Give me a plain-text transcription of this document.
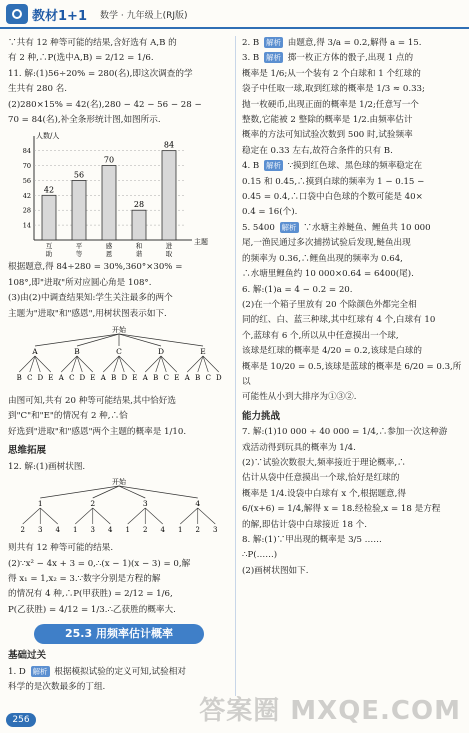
教材1+1 数学 · 九年级上(RJ版)

∵共有 12 种等可能的结果,含好选有 A,B 的

有 2 种,∴P(选中A,B) = 2/12 = 1/6.

11. 解:(1)56÷20% = 280(名),即这次调查的学

生共有 280 名.

(2)280×15% = 42(名),280 − 42 − 56 − 28 −

70 = 84(名),补全条形统计图,如图所示.

人数/人
主题
84
70
56
42
28
14
42
互
助
56
平
等
70
感
恩
28
和
谐
84
进
取

根据题意,得 84÷280 = 30%,360°×30% =

108°,即"进取"所对应圆心角是 108°.

(3)由(2)中调查结果知:学生关注最多的两个

主题为"进取"和"感恩",用树状图表示如下.

开始
A
B C D E
B
A C D E
C
A B D E
D
A B C E
E
A B C D

由图可知,共有 20 种等可能结果,其中恰好选

到"C"和"E"的情况有 2 种,∴恰

好选到"进取"和"感恩"两个主题的概率是 1/10.

思维拓展

12. 解:(1)画树状图.

开始
1
2 3 4
2
1 3 4
3
1 2 4
4
1 2 3

则共有 12 种等可能的结果.

(2)∵x² − 4x + 3 = 0,∴(x − 1)(x − 3) = 0,解

得 x₁ = 1,x₂ = 3.∵数字分别是方程的解

的情况有 4 种,∴P(甲获胜) = 2/12 = 1/6,

P(乙获胜) = 4/12 = 1/3.∴乙获胜的概率大.

25.3 用频率估计概率
基础过关

1. D 解析 根据模拟试验的定义可知,试验相对

科学的是次数最多的丁组.

2. B 解析 由题意,得 3/a = 0.2,解得 a = 15.

3. B 解析 掷一枚正方体的骰子,出现 1 点的

概率是 1/6;从一个装有 2 个白球和 1 个红球的

袋子中任取一球,取到红球的概率是 1/3 ≈ 0.33;

抛一枚硬币,出现正面的概率是 1/2;任意写一个

整数,它能被 2 整除的概率是 1/2.由频率估计

概率的方法可知试验次数到 500 时,试验频率

稳定在 0.33 左右,故符合条件的只有 B.

4. B 解析 ∵摸到红色球、黑色球的频率稳定在

0.15 和 0.45,∴摸到白球的频率为 1 − 0.15 −

0.45 = 0.4,∴口袋中白色球的个数可能是 40×

0.4 = 16(个).

5. 5400 解析 ∵水塘主养鲢鱼、鲤鱼共 10 000

尾,一渔民通过多次捕捞试验后发现,鲢鱼出现

的频率为 0.36,∴鲤鱼出现的频率为 0.64,

∴水塘里鲤鱼约 10 000×0.64 = 6400(尾).

6. 解:(1)a = 4 − 0.2 = 20.

(2)在一个箱子里放有 20 个除颜色外都完全相

同的红、白、蓝三种球,其中红球有 4 个,白球有 10

个,蓝球有 6 个,所以从中任意摸出一个球,

该球是红球的概率是 4/20 = 0.2,该球是白球的

概率是 10/20 = 0.5,该球是蓝球的概率是 6/20 = 0.3,所以

可能性从小到大排序为①③②.

能力挑战

7. 解:(1)10 000 ÷ 40 000 = 1/4,∴参加一次这种游

戏活动得到玩具的概率为 1/4.

(2)∵试验次数很大,频率接近于理论概率,∴

估计从袋中任意摸出一个球,恰好是红球的

概率是 1/4.设袋中白球有 x 个,根据题意,得

6/(x+6) = 1/4,解得 x = 18.经检验,x = 18 是方程

的解,即估计袋中白球接近 18 个.

8. 解:(1)∵甲出现的概率是 3/5 ……

∴P(……)

(2)画树状图如下.

256	答案圈 MXQE.COM
